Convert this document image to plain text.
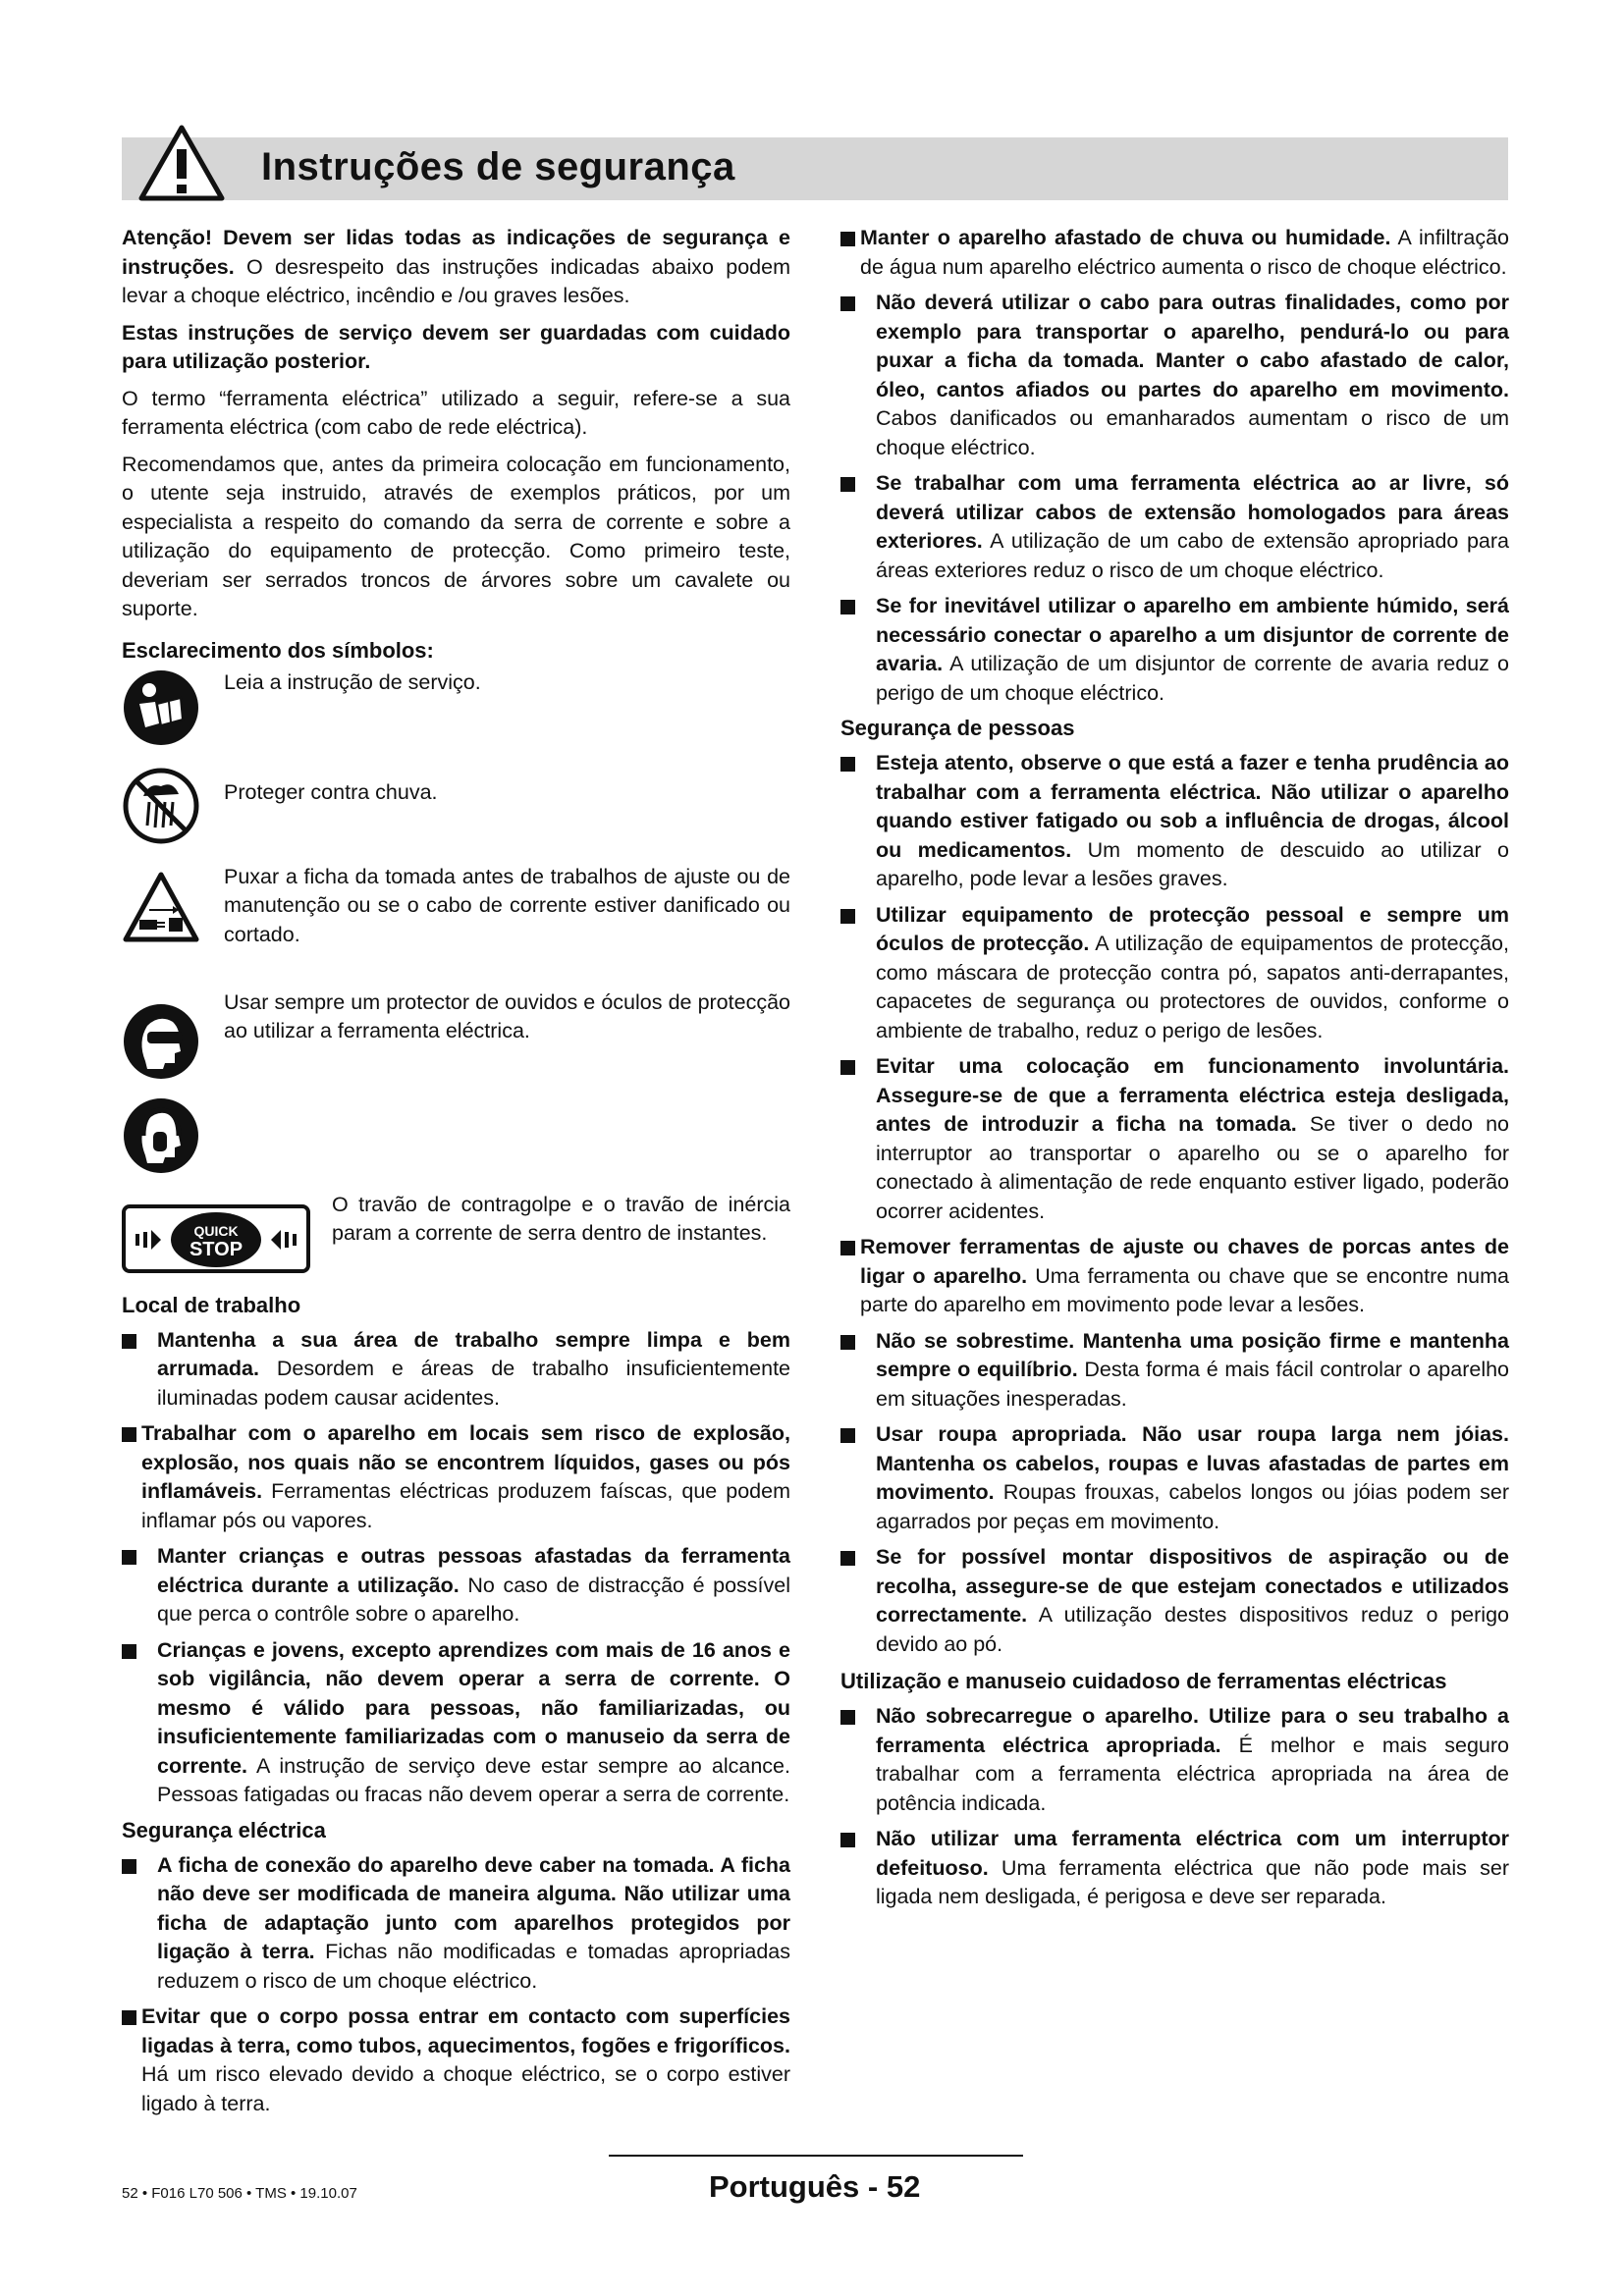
Instruções de segurança

Atenção! Devem ser lidas todas as indicações de segurança e instruções. O desrespeito das instruções indicadas abaixo podem levar a choque eléctrico, incêndio e /ou graves lesões.

Estas instruções de serviço devem ser guardadas com cuidado para utilização posterior.

O termo “ferramenta eléctrica” utilizado a seguir, refere-se a sua ferramenta eléctrica (com cabo de rede eléctrica).

Recomendamos que, antes da primeira colocação em funcionamento, o utente seja instruido, através de exemplos práticos, por um especialista a respeito do comando da serra de corrente e sobre a utilização do equipamento de protecção. Como primeiro teste, deveriam ser serrados troncos de árvores sobre um cavalete ou suporte.

Esclarecimento dos símbolos:
Leia a instrução de serviço.
Proteger contra chuva.
Puxar a ficha da tomada antes de trabalhos de ajuste ou de manutenção ou se o cabo de corrente estiver danificado ou cortado.
Usar sempre um protector de ouvidos e óculos de protecção ao utilizar a ferramenta eléctrica.
QUICK
STOP
O travão de contragolpe e o travão de inércia param a corrente de serra dentro de instantes.
Local de trabalho
Mantenha a sua área de trabalho sempre limpa e bem arrumada. Desordem e áreas de trabalho insuficientemente iluminadas podem causar acidentes.
Trabalhar com o aparelho em locais sem risco de explosão, explosão, nos quais não se encontrem líquidos, gases ou pós inflamáveis. Ferramentas eléctricas produzem faíscas, que podem inflamar pós ou vapores.
Manter crianças e outras pessoas afastadas da ferramenta eléctrica durante a utilização. No caso de distracção é possível que perca o contrôle sobre o aparelho.
Crianças e jovens, excepto aprendizes com mais de 16 anos e sob vigilância, não devem operar a serra de corrente. O mesmo é válido para pessoas, não familiarizadas, ou insuficientemente familiarizadas com o manuseio da serra de corrente. A instrução de serviço deve estar sempre ao alcance. Pessoas fatigadas ou fracas não devem operar a serra de corrente.
Segurança eléctrica
A ficha de conexão do aparelho deve caber na tomada. A ficha não deve ser modificada de maneira alguma. Não utilizar uma ficha de adaptação junto com aparelhos protegidos por ligação à terra. Fichas não modificadas e tomadas apropriadas reduzem o risco de um choque eléctrico.
Evitar que o corpo possa entrar em contacto com superfícies ligadas à terra, como tubos, aquecimentos, fogões e frigoríficos. Há um risco elevado devido a choque eléctrico, se o corpo estiver ligado à terra.
Manter o aparelho afastado de chuva ou humidade. A infiltração de água num aparelho eléctrico aumenta o risco de choque eléctrico.
Não deverá utilizar o cabo para outras finalidades, como por exemplo para transportar o aparelho, pendurá-lo ou para puxar a ficha da tomada. Manter o cabo afastado de calor, óleo, cantos afiados ou partes do aparelho em movimento. Cabos danificados ou emanharados aumentam o risco de um choque eléctrico.
Se trabalhar com uma ferramenta eléctrica ao ar livre, só deverá utilizar cabos de extensão homologados para áreas exteriores. A utilização de um cabo de extensão apropriado para áreas exteriores reduz o risco de um choque eléctrico.
Se for inevitável utilizar o aparelho em ambiente húmido, será necessário conectar o aparelho a um disjuntor de corrente de avaria. A utilização de um disjuntor de corrente de avaria reduz o perigo de um choque eléctrico.
Segurança de pessoas
Esteja atento, observe o que está a fazer e tenha prudência ao trabalhar com a ferramenta eléctrica. Não utilizar o aparelho quando estiver fatigado ou sob a influência de drogas, álcool ou medicamentos. Um momento de descuido ao utilizar o aparelho, pode levar a lesões graves.
Utilizar equipamento de protecção pessoal e sempre um óculos de protecção. A utilização de equipamentos de protecção, como máscara de protecção contra pó, sapatos anti-derrapantes, capacetes de segurança ou protectores de ouvidos, conforme o ambiente de trabalho, reduz o perigo de lesões.
Evitar uma colocação em funcionamento involuntária. Assegure-se de que a ferramenta eléctrica esteja desligada, antes de introduzir a ficha na tomada. Se tiver o dedo no interruptor ao transportar o aparelho ou se o aparelho for conectado à alimentação de rede enquanto estiver ligado, poderão ocorrer acidentes.
Remover ferramentas de ajuste ou chaves de porcas antes de ligar o aparelho. Uma ferramenta ou chave que se encontre numa parte do aparelho em movimento pode levar a lesões.
Não se sobrestime. Mantenha uma posição firme e mantenha sempre o equilíbrio. Desta forma é mais fácil controlar o aparelho em situações inesperadas.
Usar roupa apropriada. Não usar roupa larga nem jóias. Mantenha os cabelos, roupas e luvas afastadas de partes em movimento. Roupas frouxas, cabelos longos ou jóias podem ser agarrados por peças em movimento.
Se for possível montar dispositivos de aspiração ou de recolha, assegure-se de que estejam conectados e utilizados correctamente. A utilização destes dispositivos reduz o perigo devido ao pó.
Utilização e manuseio cuidadoso de ferramentas eléctricas
Não sobrecarregue o aparelho. Utilize para o seu trabalho a ferramenta eléctrica apropriada. É melhor e mais seguro trabalhar com a ferramenta eléctrica apropriada na área de potência indicada.
Não utilizar uma ferramenta eléctrica com um interruptor defeituoso. Uma ferramenta eléctrica que não pode mais ser ligada nem desligada, é perigosa e deve ser reparada.
52 • F016 L70 506 • TMS • 19.10.07	Português - 52
